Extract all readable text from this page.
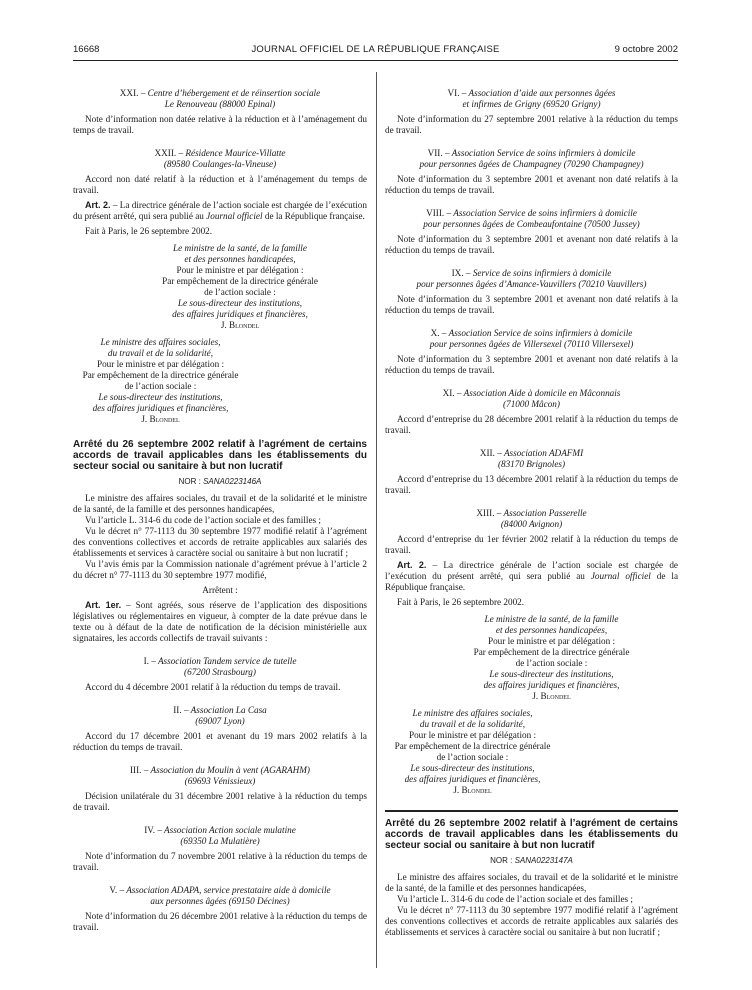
16668	JOURNAL OFFICIEL DE LA RÉPUBLIQUE FRANÇAISE	9 octobre 2002

XXI. – Centre d’hébergement et de réinsertion sociale

Le Renouveau (88000 Epinal)

Note d’information non datée relative à la réduction et à l’aménagement du temps de travail.

XXII. – Résidence Maurice-Villatte

(89580 Coulanges-la-Vineuse)

Accord non daté relatif à la réduction et à l’aménagement du temps de travail.

Art. 2. – La directrice générale de l’action sociale est chargée de l’exécution du présent arrêté, qui sera publié au Journal officiel de la République française.

Fait à Paris, le 26 septembre 2002.

Le ministre de la santé, de la famille

et des personnes handicapées,

Pour le ministre et par délégation :

Par empêchement de la directrice générale

de l’action sociale :

Le sous-directeur des institutions,

des affaires juridiques et financières,

J. Blondel

Le ministre des affaires sociales,

du travail et de la solidarité,

Pour le ministre et par délégation :

Par empêchement de la directrice générale

de l’action sociale :

Le sous-directeur des institutions,

des affaires juridiques et financières,

J. Blondel

Arrêté du 26 septembre 2002 relatif à l’agrément de certains accords de travail applicables dans les établissements du secteur social ou sanitaire à but non lucratif

NOR : SANA0223146A

Le ministre des affaires sociales, du travail et de la solidarité et le ministre de la santé, de la famille et des personnes handicapées,

Vu l’article L. 314-6 du code de l’action sociale et des familles ;

Vu le décret n° 77-1113 du 30 septembre 1977 modifié relatif à l’agrément des conventions collectives et accords de retraite applicables aux salariés des établissements et services à caractère social ou sanitaire à but non lucratif ;

Vu l’avis émis par la Commission nationale d’agrément prévue à l’article 2 du décret n° 77-1113 du 30 septembre 1977 modifié,

Arrêtent :

Art. 1er. – Sont agréés, sous réserve de l’application des dispositions législatives ou réglementaires en vigueur, à compter de la date prévue dans le texte ou à défaut de la date de notification de la décision ministérielle aux signataires, les accords collectifs de travail suivants :

I. – Association Tandem service de tutelle

(67200 Strasbourg)

Accord du 4 décembre 2001 relatif à la réduction du temps de travail.

II. – Association La Casa

(69007 Lyon)

Accord du 17 décembre 2001 et avenant du 19 mars 2002 relatifs à la réduction du temps de travail.

III. – Association du Moulin à vent (AGARAHM)

(69693 Vénissieux)

Décision unilatérale du 31 décembre 2001 relative à la réduction du temps de travail.

IV. – Association Action sociale mulatine

(69350 La Mulatière)

Note d’information du 7 novembre 2001 relative à la réduction du temps de travail.

V. – Association ADAPA, service prestataire aide à domicile

aux personnes âgées (69150 Décines)

Note d’information du 26 décembre 2001 relative à la réduction du temps de travail.

VI. – Association d’aide aux personnes âgées

et infirmes de Grigny (69520 Grigny)

Note d’information du 27 septembre 2001 relative à la réduction du temps de travail.

VII. – Association Service de soins infirmiers à domicile

pour personnes âgées de Champagney (70290 Champagney)

Note d’information du 3 septembre 2001 et avenant non daté relatifs à la réduction du temps de travail.

VIII. – Association Service de soins infirmiers à domicile

pour personnes âgées de Combeaufontaine (70500 Jussey)

Note d’information du 3 septembre 2001 et avenant non daté relatifs à la réduction du temps de travail.

IX. – Service de soins infirmiers à domicile

pour personnes âgées d’Amance-Vauvillers (70210 Vauvillers)

Note d’information du 3 septembre 2001 et avenant non daté relatifs à la réduction du temps de travail.

X. – Association Service de soins infirmiers à domicile

pour personnes âgées de Villersexel (70110 Villersexel)

Note d’information du 3 septembre 2001 et avenant non daté relatifs à la réduction du temps de travail.

XI. – Association Aide à domicile en Mâconnais

(71000 Mâcon)

Accord d’entreprise du 28 décembre 2001 relatif à la réduction du temps de travail.

XII. – Association ADAFMI

(83170 Brignoles)

Accord d’entreprise du 13 décembre 2001 relatif à la réduction du temps de travail.

XIII. – Association Passerelle

(84000 Avignon)

Accord d’entreprise du 1er février 2002 relatif à la réduction du temps de travail.

Art. 2. – La directrice générale de l’action sociale est chargée de l’exécution du présent arrêté, qui sera publié au Journal officiel de la République française.

Fait à Paris, le 26 septembre 2002.

Le ministre de la santé, de la famille

et des personnes handicapées,

Pour le ministre et par délégation :

Par empêchement de la directrice générale

de l’action sociale :

Le sous-directeur des institutions,

des affaires juridiques et financières,

J. Blondel

Le ministre des affaires sociales,

du travail et de la solidarité,

Pour le ministre et par délégation :

Par empêchement de la directrice générale

de l’action sociale :

Le sous-directeur des institutions,

des affaires juridiques et financières,

J. Blondel

Arrêté du 26 septembre 2002 relatif à l’agrément de certains accords de travail applicables dans les établissements du secteur social ou sanitaire à but non lucratif

NOR : SANA0223147A

Le ministre des affaires sociales, du travail et de la solidarité et le ministre de la santé, de la famille et des personnes handicapées,

Vu l’article L. 314-6 du code de l’action sociale et des familles ;

Vu le décret n° 77-1113 du 30 septembre 1977 modifié relatif à l’agrément des conventions collectives et accords de retraite applicables aux salariés des établissements et services à caractère social ou sanitaire à but non lucratif ;
